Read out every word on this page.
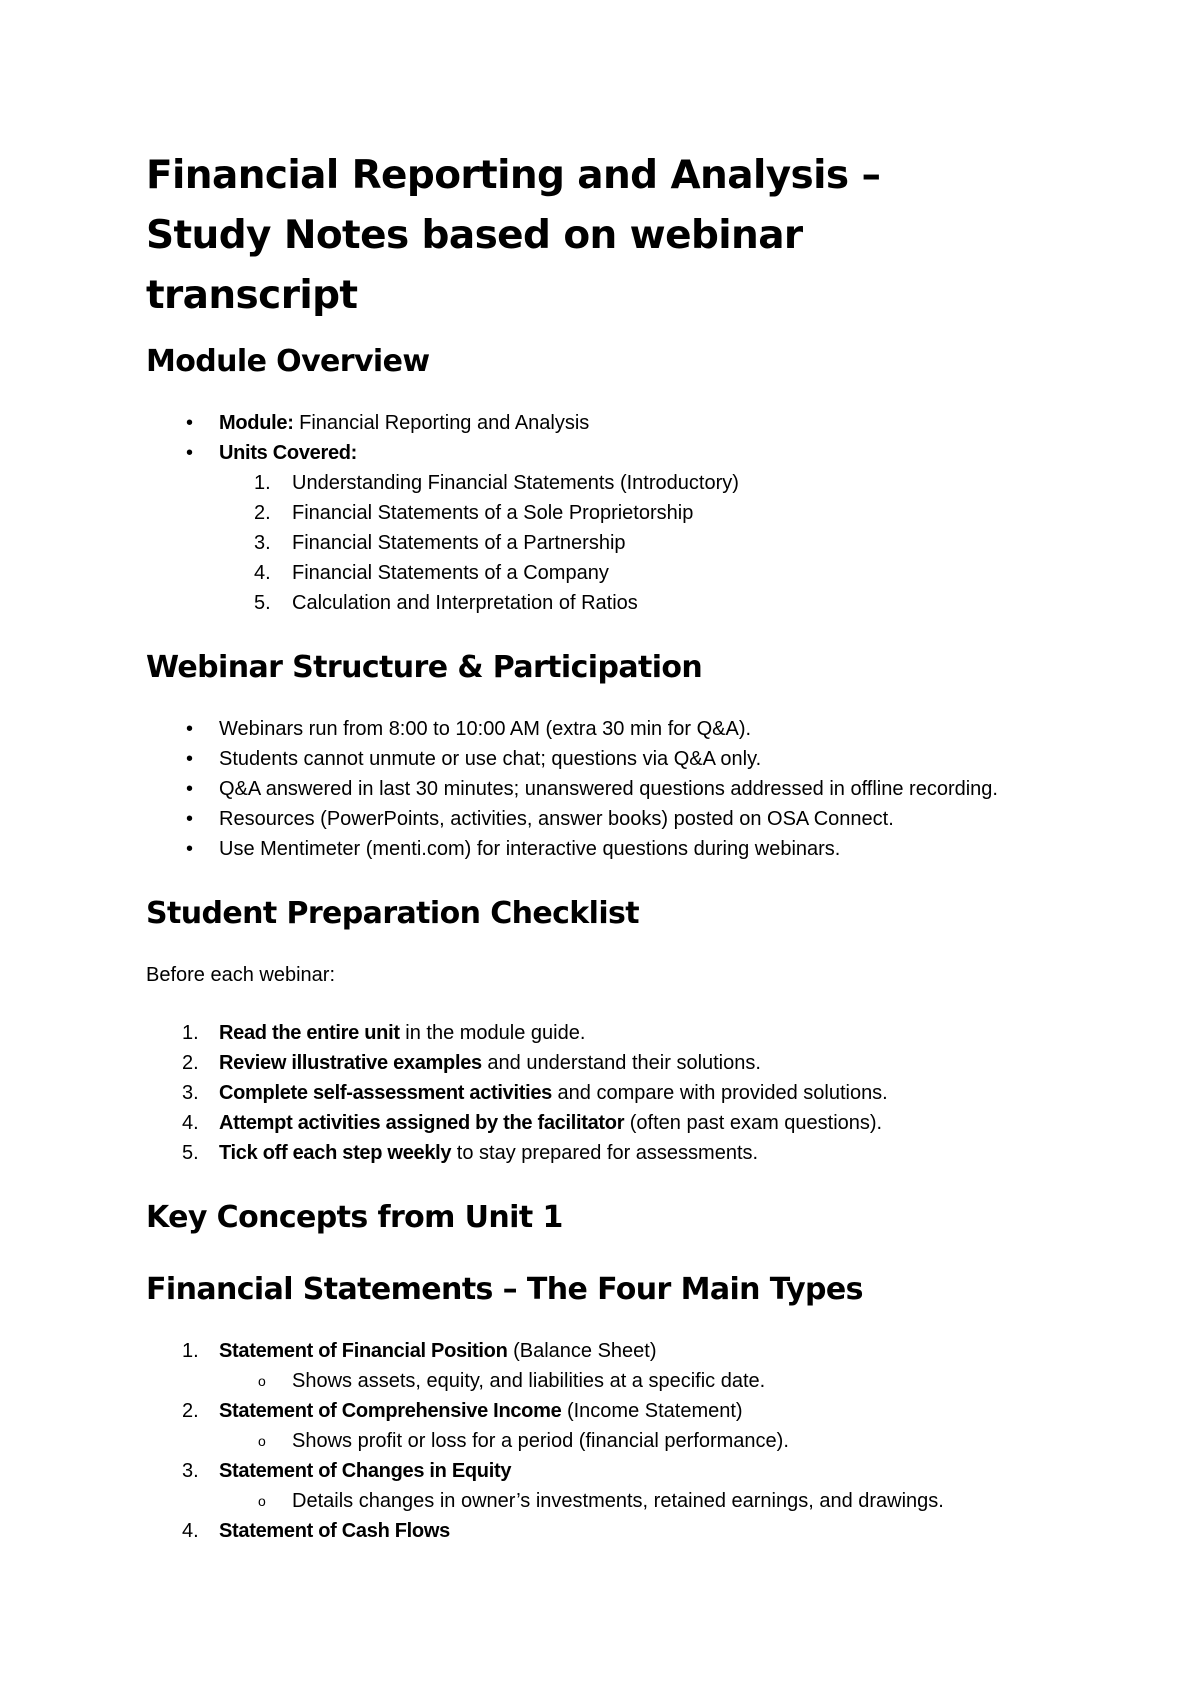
Financial Reporting and Analysis – Study Notes based on webinar transcript
Module Overview
• Module: Financial Reporting and Analysis
• Units Covered:
1. Understanding Financial Statements (Introductory)
2. Financial Statements of a Sole Proprietorship
3. Financial Statements of a Partnership
4. Financial Statements of a Company
5. Calculation and Interpretation of Ratios
Webinar Structure & Participation
• Webinars run from 8:00 to 10:00 AM (extra 30 min for Q&A).
• Students cannot unmute or use chat; questions via Q&A only.
• Q&A answered in last 30 minutes; unanswered questions addressed in offline recording.
• Resources (PowerPoints, activities, answer books) posted on OSA Connect.
• Use Mentimeter (menti.com) for interactive questions during webinars.
Student Preparation Checklist
Before each webinar:
1. Read the entire unit in the module guide.
2. Review illustrative examples and understand their solutions.
3. Complete self-assessment activities and compare with provided solutions.
4. Attempt activities assigned by the facilitator (often past exam questions).
5. Tick off each step weekly to stay prepared for assessments.
Key Concepts from Unit 1
Financial Statements – The Four Main Types
1. Statement of Financial Position (Balance Sheet)
o Shows assets, equity, and liabilities at a specific date.
2. Statement of Comprehensive Income (Income Statement)
o Shows profit or loss for a period (financial performance).
3. Statement of Changes in Equity
o Details changes in owner’s investments, retained earnings, and drawings.
4. Statement of Cash Flows
